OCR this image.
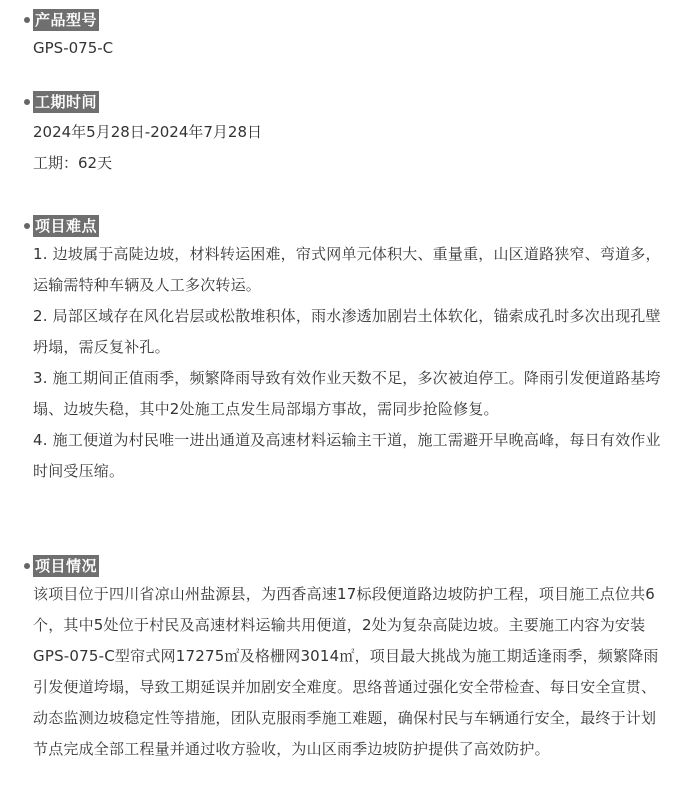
产品型号
GPS-075-C
工期时间
2024年5月28日-2024年7月28日
工期：62天
项目难点
1. 边坡属于高陡边坡，材料转运困难，帘式网单元体积大、重量重，山区道路狭窄、弯道多，运输需特种车辆及人工多次转运。
2. 局部区域存在风化岩层或松散堆积体，雨水渗透加剧岩土体软化，锚索成孔时多次出现孔壁坍塌，需反复补孔。
3. 施工期间正值雨季，频繁降雨导致有效作业天数不足，多次被迫停工。降雨引发便道路基垮塌、边坡失稳，其中2处施工点发生局部塌方事故，需同步抢险修复。
4. 施工便道为村民唯一进出通道及高速材料运输主干道，施工需避开早晚高峰，每日有效作业时间受压缩。
项目情况
该项目位于四川省凉山州盐源县，为西香高速17标段便道路边坡防护工程，项目施工点位共6个，其中5处位于村民及高速材料运输共用便道，2处为复杂高陡边坡。主要施工内容为安装GPS-075-C型帘式网17275㎡及格栅网3014㎡，项目最大挑战为施工期适逢雨季，频繁降雨引发便道垮塌，导致工期延误并加剧安全难度。思络普通过强化安全带检查、每日安全宣贯、动态监测边坡稳定性等措施，团队克服雨季施工难题，确保村民与车辆通行安全，最终于计划节点完成全部工程量并通过收方验收，为山区雨季边坡防护提供了高效防护。
